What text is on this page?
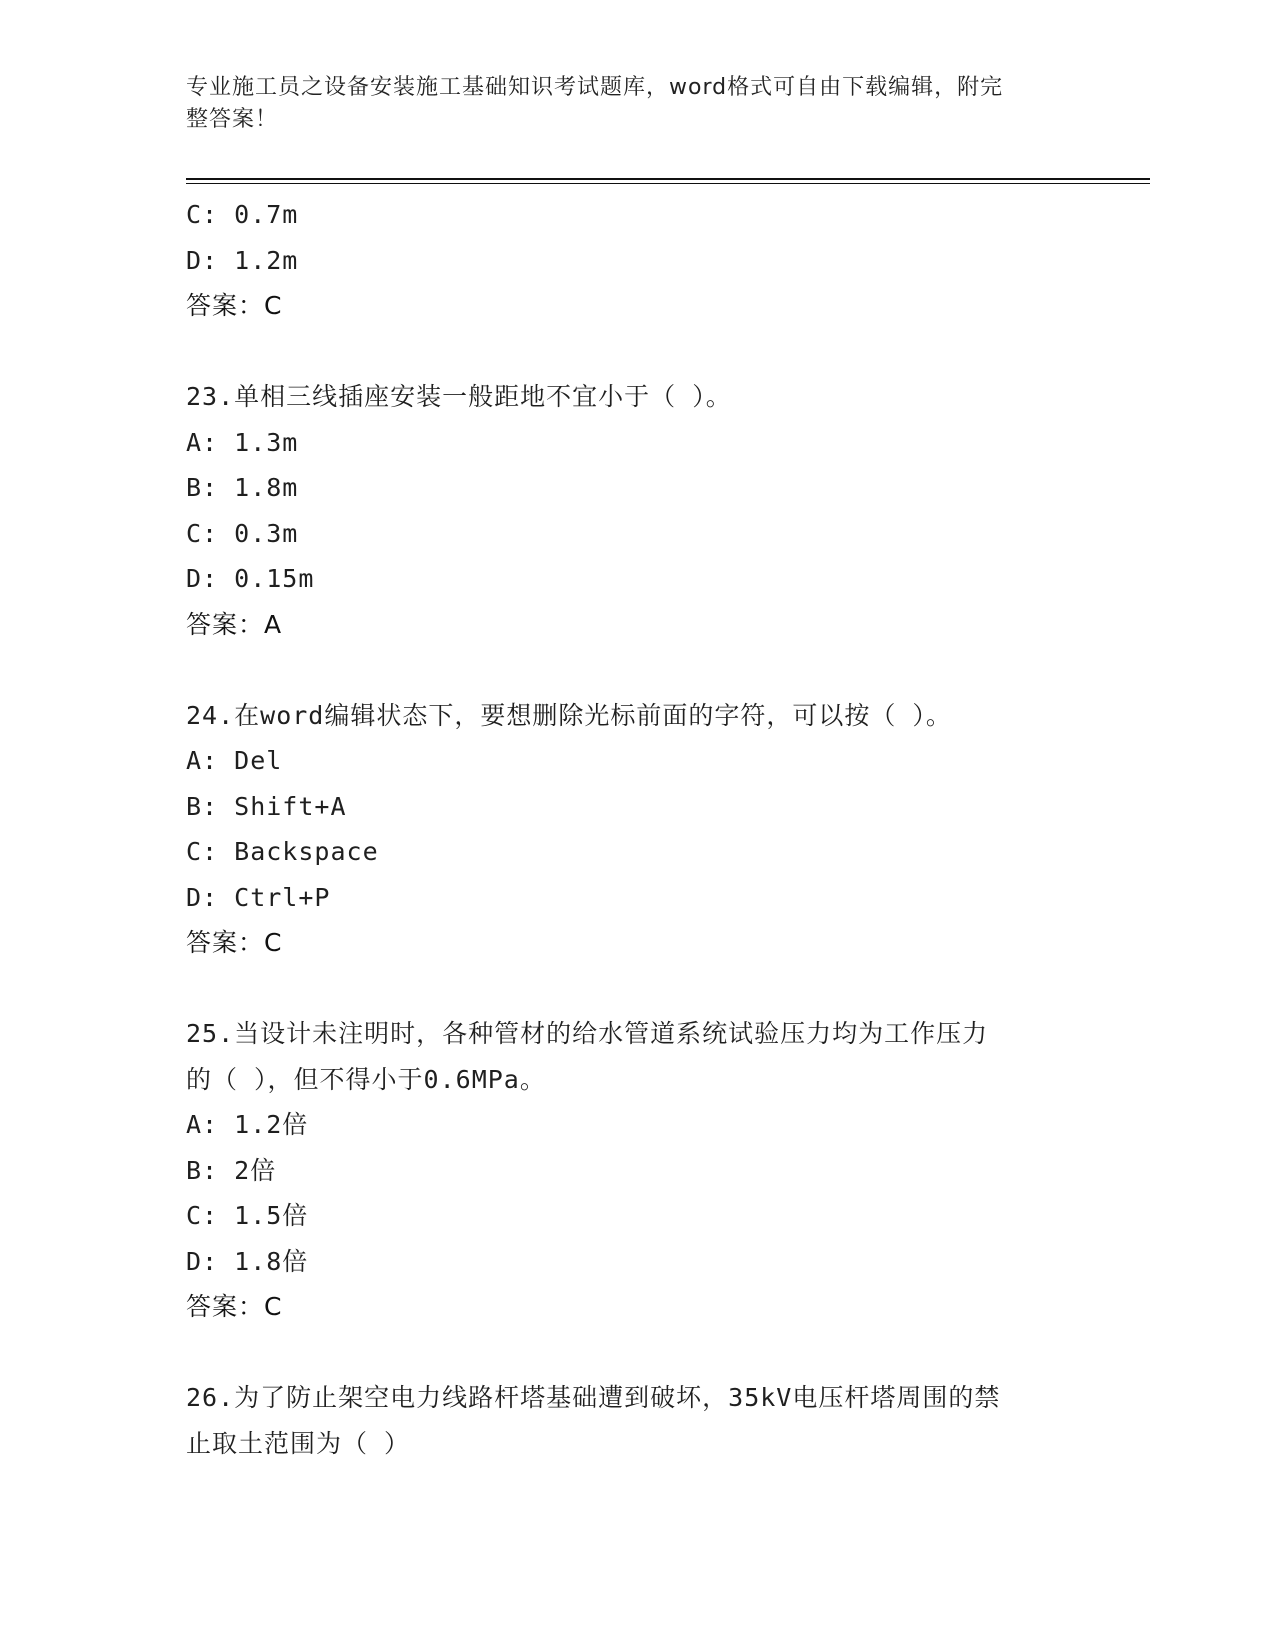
专业施工员之设备安装施工基础知识考试题库，word格式可自由下载编辑，附完
整答案！
C: 0.7m
D: 1.2m
答案：C
23.单相三线插座安装一般距地不宜小于（ ）。
A: 1.3m
B: 1.8m
C: 0.3m
D: 0.15m
答案：A
24.在word编辑状态下，要想删除光标前面的字符，可以按（ ）。
A: Del
B: Shift+A
C: Backspace
D: Ctrl+P
答案：C
25.当设计未注明时，各种管材的给水管道系统试验压力均为工作压力
的（ ），但不得小于0.6MPa。
A: 1.2倍
B: 2倍
C: 1.5倍
D: 1.8倍
答案：C
26.为了防止架空电力线路杆塔基础遭到破坏，35kV电压杆塔周围的禁
止取土范围为（ ）
